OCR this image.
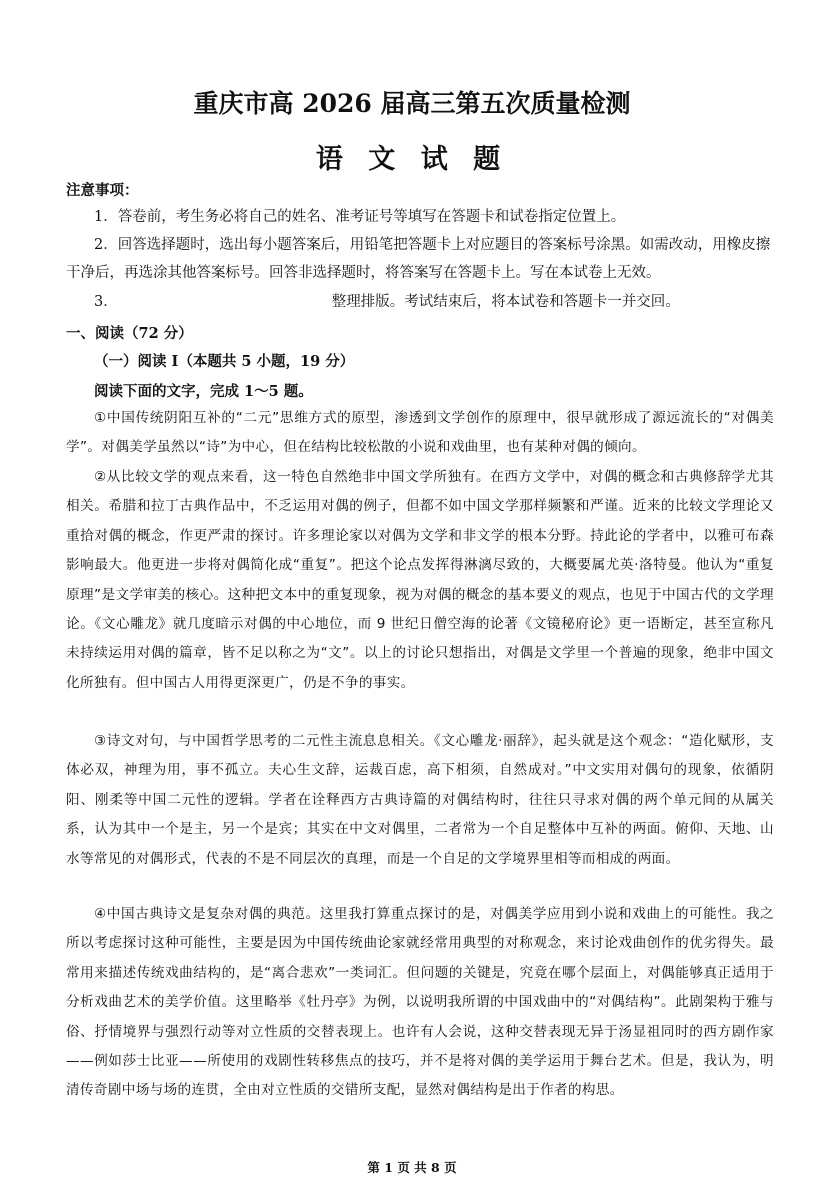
重庆市高 2026 届高三第五次质量检测
语 文 试 题
注意事项：
1．答卷前，考生务必将自己的姓名、准考证号等填写在答题卡和试卷指定位置上。
2．回答选择题时，选出每小题答案后，用铅笔把答题卡上对应题目的答案标号涂黑。如需改动，用橡皮擦干净后，再选涂其他答案标号。回答非选择题时，将答案写在答题卡上。写在本试卷上无效。
3．	整理排版。考试结束后，将本试卷和答题卡一并交回。
一、阅读（72 分）
（一）阅读 I（本题共 5 小题，19 分）
阅读下面的文字，完成 1～5 题。
①中国传统阴阳互补的“二元”思维方式的原型，渗透到文学创作的原理中，很早就形成了源远流长的“对偶美学”。对偶美学虽然以“诗”为中心，但在结构比较松散的小说和戏曲里，也有某种对偶的倾向。
②从比较文学的观点来看，这一特色自然绝非中国文学所独有。在西方文学中，对偶的概念和古典修辞学尤其相关。希腊和拉丁古典作品中，不乏运用对偶的例子，但都不如中国文学那样频繁和严谨。近来的比较文学理论又重拾对偶的概念，作更严肃的探讨。许多理论家以对偶为文学和非文学的根本分野。持此论的学者中，以雅可布森影响最大。他更进一步将对偶简化成“重复”。把这个论点发挥得淋漓尽致的，大概要属尤英·洛特曼。他认为“重复原理”是文学审美的核心。这种把文本中的重复现象，视为对偶的概念的基本要义的观点，也见于中国古代的文学理论。《文心雕龙》就几度暗示对偶的中心地位，而 9 世纪日僧空海的论著《文镜秘府论》更一语断定，甚至宣称凡未持续运用对偶的篇章，皆不足以称之为“文”。以上的讨论只想指出，对偶是文学里一个普遍的现象，绝非中国文化所独有。但中国古人用得更深更广，仍是不争的事实。
③诗文对句，与中国哲学思考的二元性主流息息相关。《文心雕龙·丽辞》，起头就是这个观念：“造化赋形，支体必双，神理为用，事不孤立。夫心生文辞，运裁百虑，高下相须，自然成对。”中文实用对偶句的现象，依循阴阳、刚柔等中国二元性的逻辑。学者在诠释西方古典诗篇的对偶结构时，往往只寻求对偶的两个单元间的从属关系，认为其中一个是主，另一个是宾；其实在中文对偶里，二者常为一个自足整体中互补的两面。俯仰、天地、山水等常见的对偶形式，代表的不是不同层次的真理，而是一个自足的文学境界里相等而相成的两面。
④中国古典诗文是复杂对偶的典范。这里我打算重点探讨的是，对偶美学应用到小说和戏曲上的可能性。我之所以考虑探讨这种可能性，主要是因为中国传统曲论家就经常用典型的对称观念，来讨论戏曲创作的优劣得失。最常用来描述传统戏曲结构的，是“离合悲欢”一类词汇。但问题的关键是，究竟在哪个层面上，对偶能够真正适用于分析戏曲艺术的美学价值。这里略举《牡丹亭》为例，以说明我所谓的中国戏曲中的“对偶结构”。此剧架构于雅与俗、抒情境界与强烈行动等对立性质的交替表现上。也许有人会说，这种交替表现无异于汤显祖同时的西方剧作家——例如莎士比亚——所使用的戏剧性转移焦点的技巧，并不是将对偶的美学运用于舞台艺术。但是，我认为，明清传奇剧中场与场的连贯，全由对立性质的交错所支配，显然对偶结构是出于作者的构思。
第 1 页 共 8 页
